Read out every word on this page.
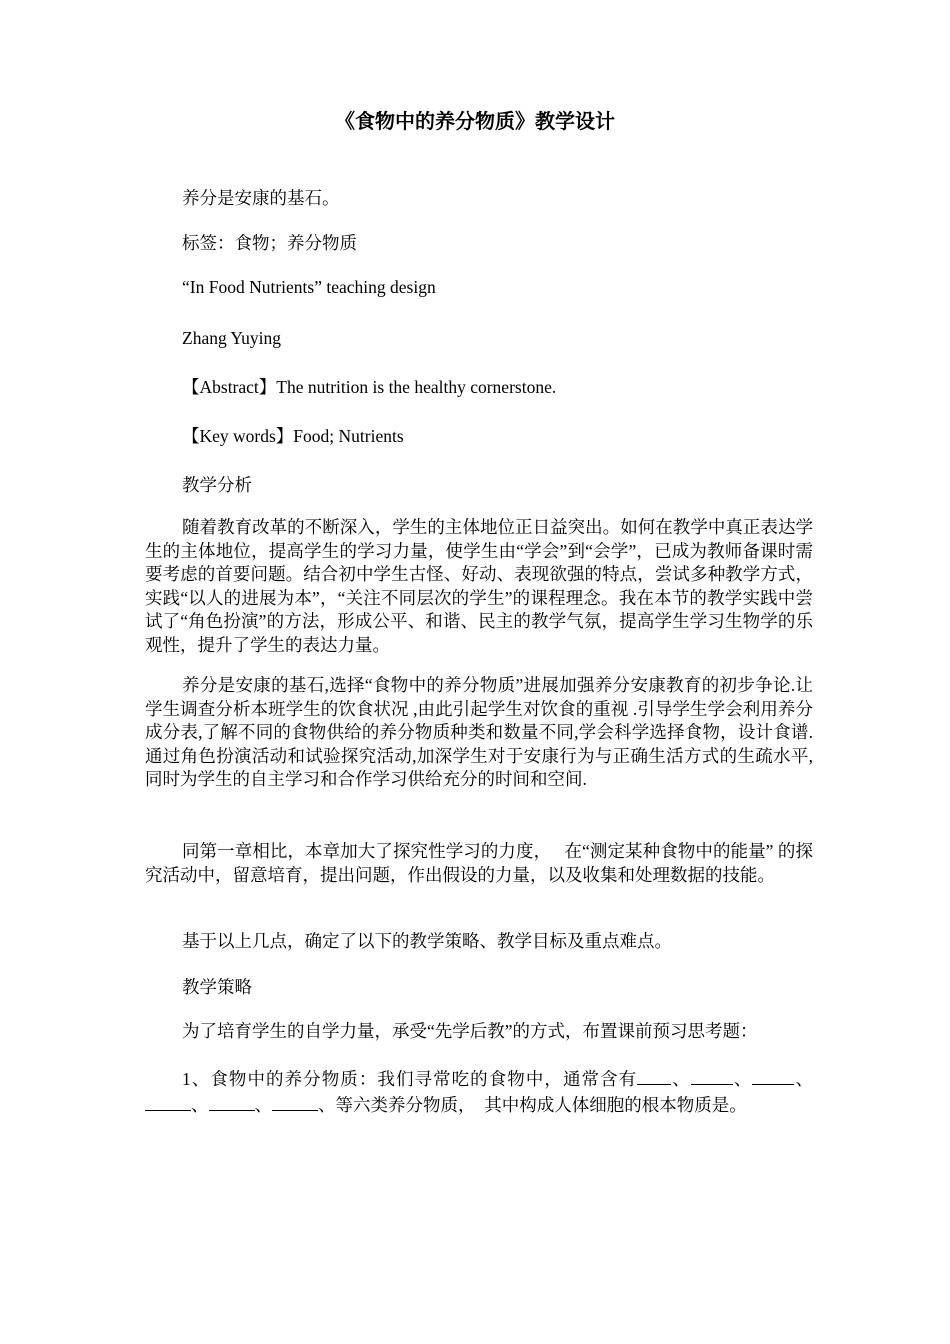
《食物中的养分物质》教学设计
养分是安康的基石。
标签：食物；养分物质
“In Food Nutrients” teaching design
Zhang Yuying
【Abstract】The nutrition is the healthy cornerstone.
【Key words】Food; Nutrients
教学分析
随着教育改革的不断深入，学生的主体地位正日益突出。如何在教学中真正表达学生的主体地位，提高学生的学习力量，使学生由“学会”到“会学”，已成为教师备课时需要考虑的首要问题。结合初中学生古怪、好动、表现欲强的特点，尝试多种教学方式，实践“以人的进展为本”，“关注不同层次的学生”的课程理念。我在本节的教学实践中尝试了“角色扮演”的方法，形成公平、和谐、民主的教学气氛，提高学生学习生物学的乐观性，提升了学生的表达力量。
养分是安康的基石,选择“食物中的养分物质”进展加强养分安康教育的初步争论.让学生调查分析本班学生的饮食状况 ,由此引起学生对饮食的重视 .引导学生学会利用养分成分表,了解不同的食物供给的养分物质种类和数量不同,学会科学选择食物，设计食谱.通过角色扮演活动和试验探究活动,加深学生对于安康行为与正确生活方式的生疏水平,同时为学生的自主学习和合作学习供给充分的时间和空间.
同第一章相比，本章加大了探究性学习的力度，　 在“测定某种食物中的能量” 的探究活动中，留意培育，提出问题，作出假设的力量，以及收集和处理数据的技能。
基于以上几点，确定了以下的教学策略、教学目标及重点难点。
教学策略
为了培育学生的自学力量，承受“先学后教”的方式，布置课前预习思考题：
1、食物中的养分物质：我们寻常吃的食物中，通常含有 、 、 、、	、	、等六类养分物质，　其中构成人体细胞的根本物质是。
